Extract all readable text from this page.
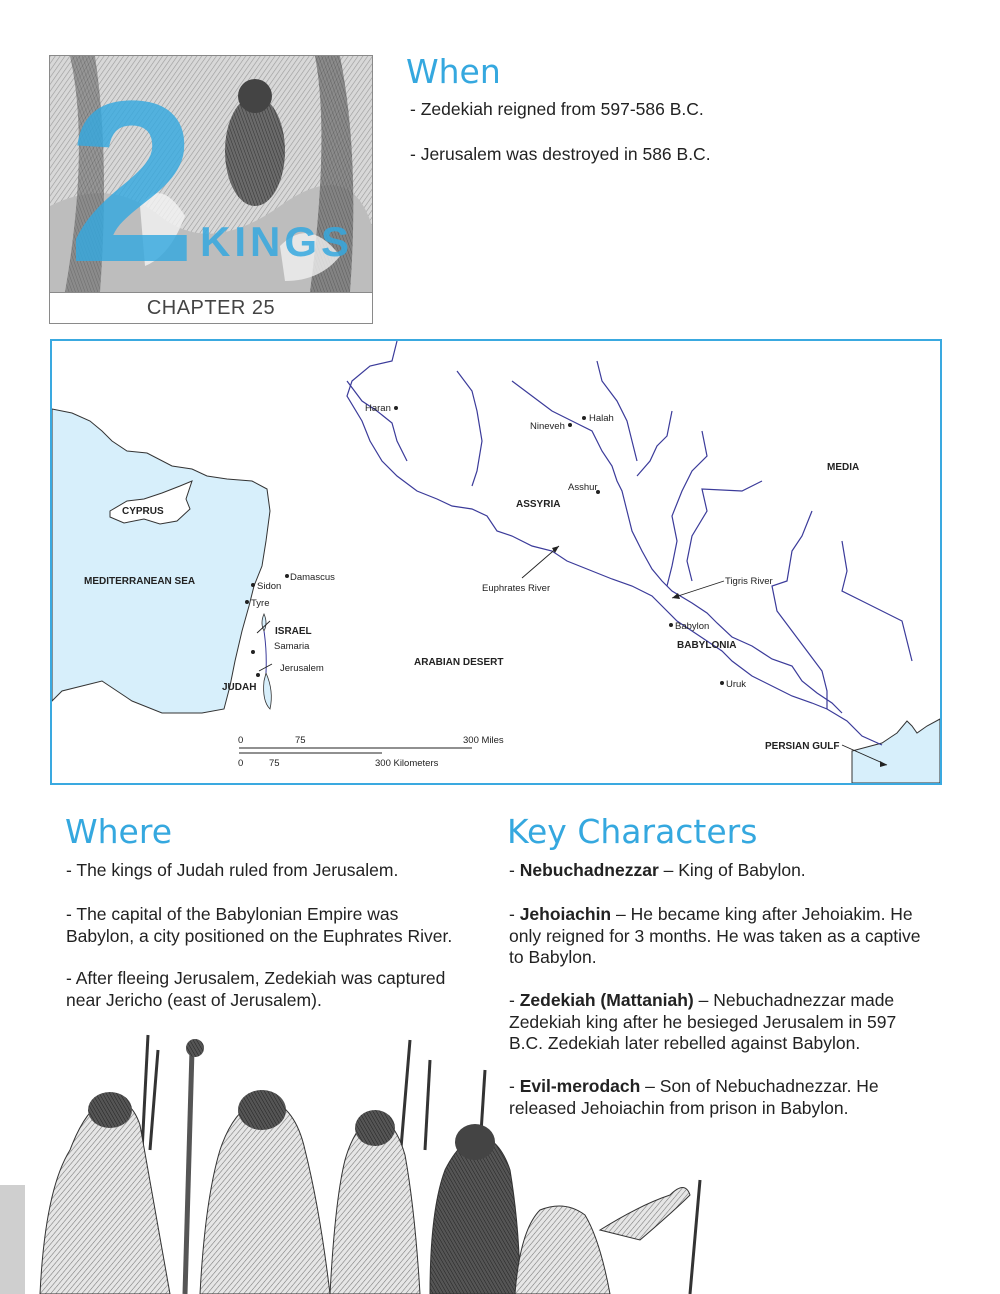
2 KINGS
CHAPTER 25
When

- Zedekiah reigned from 597-586 B.C.

- Jerusalem was destroyed in 586 B.C.

CYPRUS
MEDITERRANEAN SEA
ASSYRIA
MEDIA
ISRAEL
JUDAH
ARABIAN DESERT
BABYLONIA
PERSIAN GULF
Haran
Nineveh
Halah
Asshur
Damascus
Sidon
Tyre
Samaria
Jerusalem
Babylon
Uruk
Euphrates River
Tigris River
0	75	300 Miles
0	75	300 Kilometers
Where

- The kings of Judah ruled from Jerusalem.

- The capital of the Babylonian Empire was

Babylon, a city positioned on the Euphrates River.

- After fleeing Jerusalem, Zedekiah was captured

near Jericho (east of Jerusalem).

Key Characters

- Nebuchadnezzar – King of Babylon.

- Jehoiachin – He became king after Jehoiakim. He

only reigned for 3 months. He was taken as a captive

to Babylon.

- Zedekiah (Mattaniah) – Nebuchadnezzar made

Zedekiah king after he besieged Jerusalem in 597

B.C. Zedekiah later rebelled against Babylon.

- Evil-merodach – Son of Nebuchadnezzar. He

released Jehoiachin from prison in Babylon.
